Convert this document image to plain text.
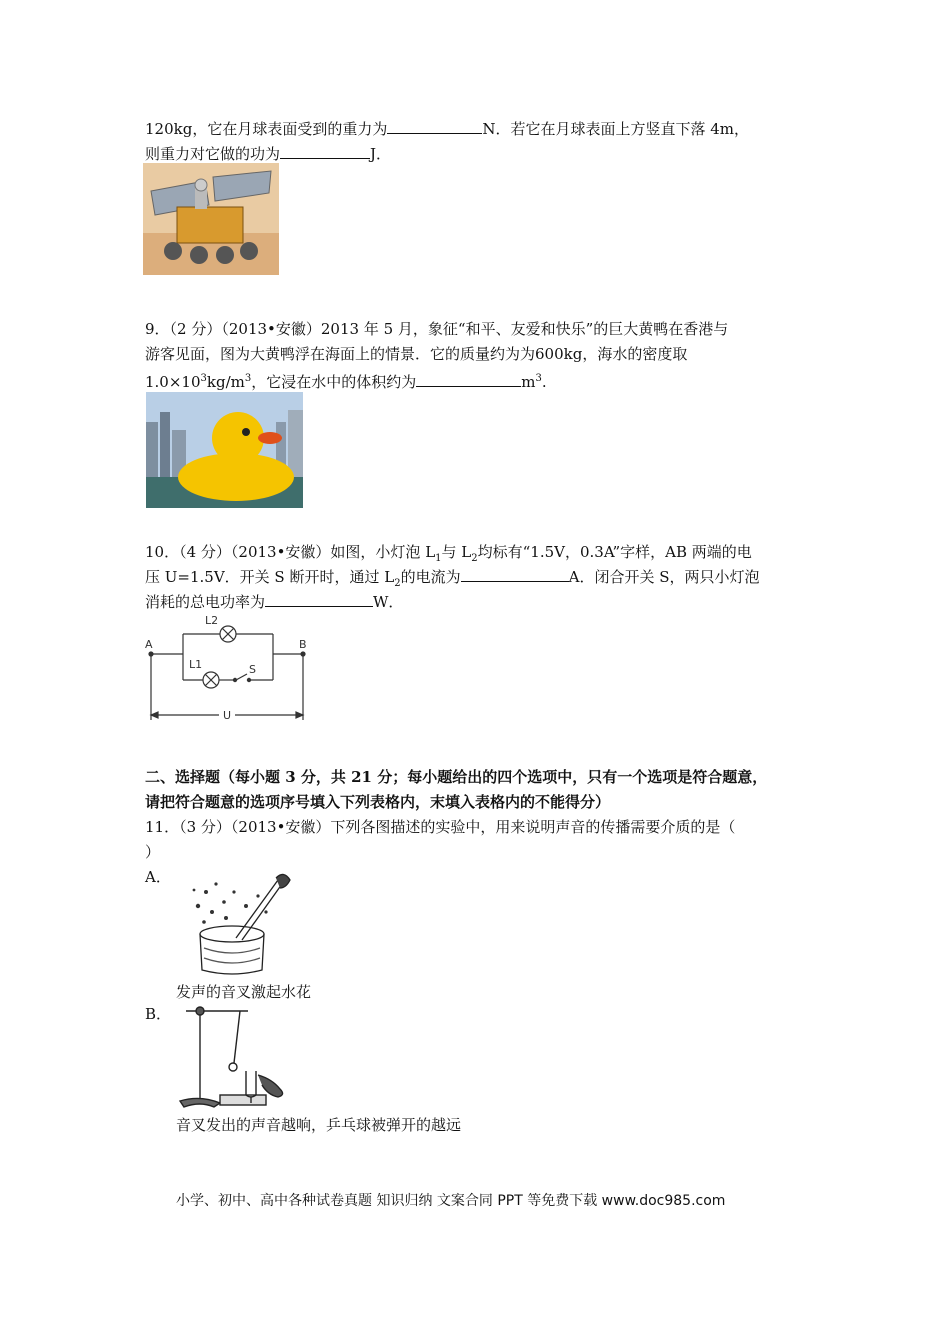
120kg，它在月球表面受到的重力为	N．若它在月球表面上方竖直下落 4m，
则重力对它做的功为	J．
9．（2 分）（2013•安徽）2013 年 5 月，象征“和平、友爱和快乐”的巨大黄鸭在香港与
游客见面，图为大黄鸭浮在海面上的情景．它的质量约为为600kg，海水的密度取
$1.0\times 10^3kg/m^3$，它浸在水中的体积约为	$m^3$.
10．（4 分）（2013•安徽）如图，小灯泡 $L_1$与 $L_2$均标有“1.5V，0.3A”字样，AB 两端的电
压 U=1.5V．开关 S 断开时，通过 $L_2$的电流为	A．闭合开关 S，两只小灯泡
消耗的总电功率为	W．
A	B
L2
L1	S
U
二、选择题（每小题 3 分，共 21 分；每小题给出的四个选项中，只有一个选项是符合题意，
请把符合题意的选项序号填入下列表格内，末填入表格内的不能得分）
11．（3 分）（2013•安徽）下列各图描述的实验中，用来说明声音的传播需要介质的是（
）
A．
发声的音叉激起水花
B．
音叉发出的声音越响，乒乓球被弹开的越远
小学、初中、高中各种试卷真题 知识归纳 文案合同 PPT 等免费下载 www.doc985.com
